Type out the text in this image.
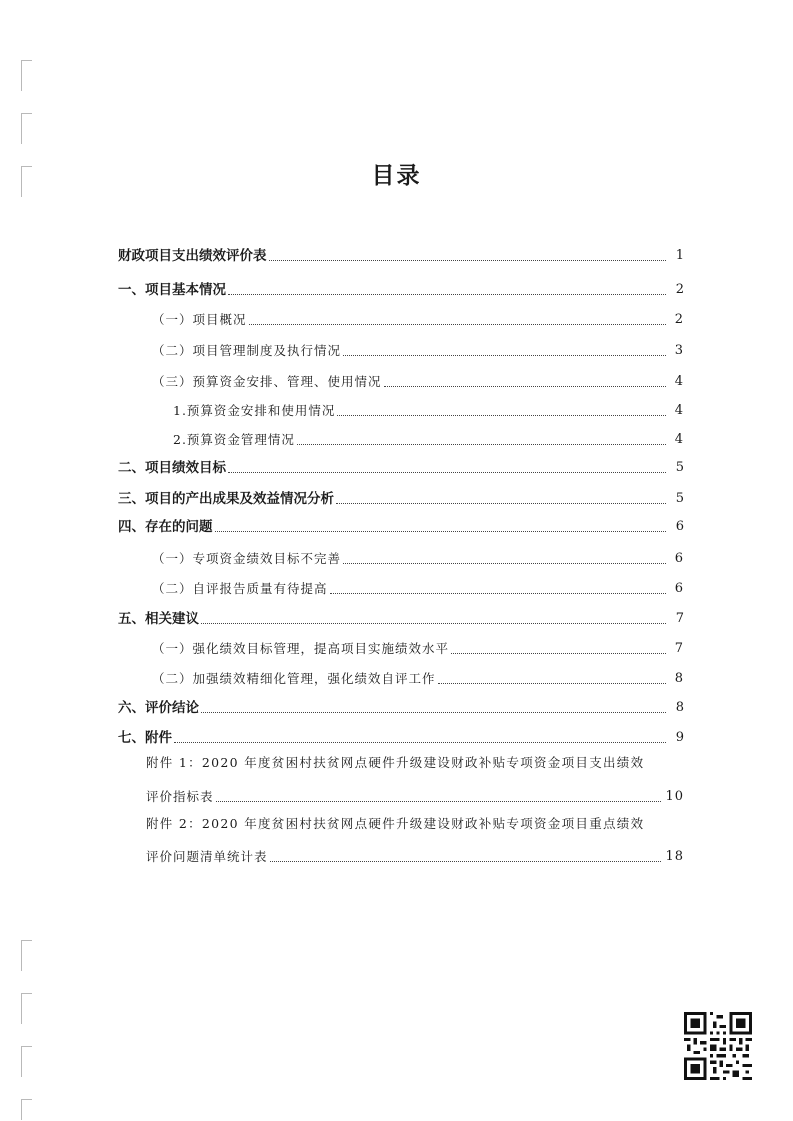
目录
财政项目支出绩效评价表	1
一、项目基本情况	2
（一）项目概况	2
（二）项目管理制度及执行情况	3
（三）预算资金安排、管理、使用情况	4
1.预算资金安排和使用情况	4
2.预算资金管理情况	4
二、项目绩效目标	5
三、项目的产出成果及效益情况分析	5
四、存在的问题	6
（一）专项资金绩效目标不完善	6
（二）自评报告质量有待提高	6
五、相关建议	7
（一）强化绩效目标管理，提高项目实施绩效水平	7
（二）加强绩效精细化管理，强化绩效自评工作	8
六、评价结论	8
七、附件	9
附件 1：2020 年度贫困村扶贫网点硬件升级建设财政补贴专项资金项目支出绩效
评价指标表	10
附件 2：2020 年度贫困村扶贫网点硬件升级建设财政补贴专项资金项目重点绩效
评价问题清单统计表	18
